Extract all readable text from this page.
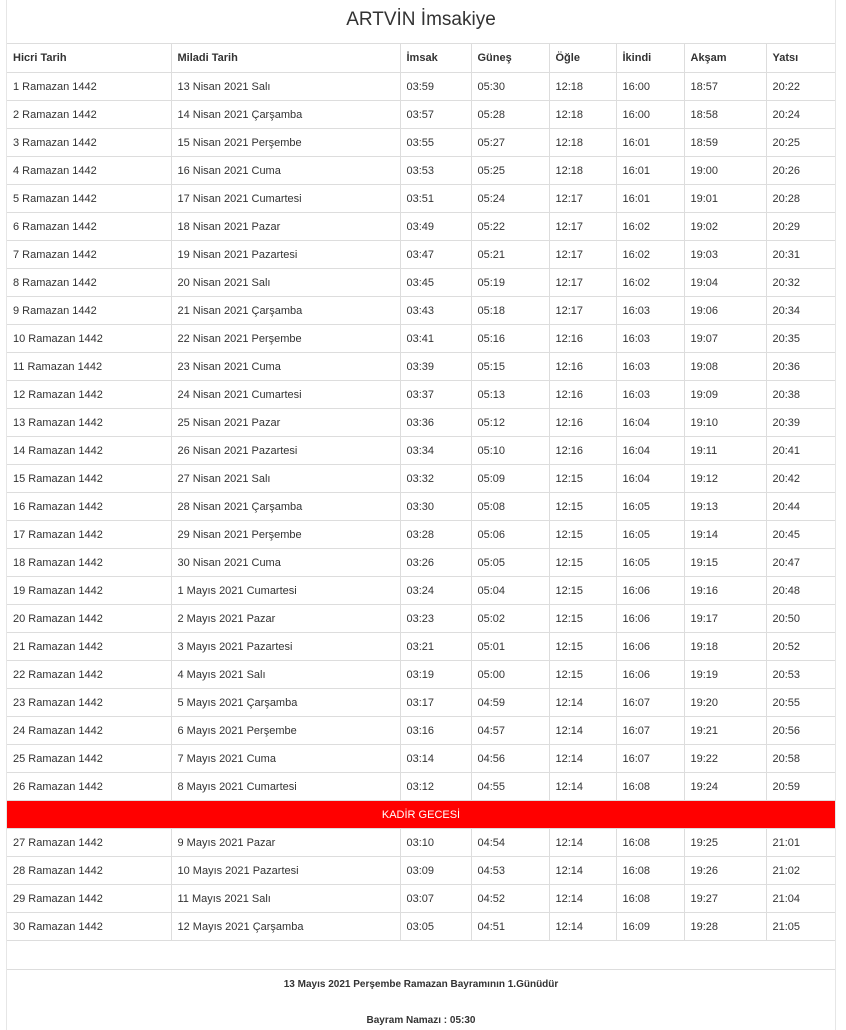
ARTVİN İmsakiye
Hicri Tarih	Miladi Tarih	İmsak	Güneş	Öğle	İkindi	Akşam	Yatsı
1 Ramazan 1442	13 Nisan 2021 Salı	03:59	05:30	12:18	16:00	18:57	20:22
2 Ramazan 1442	14 Nisan 2021 Çarşamba	03:57	05:28	12:18	16:00	18:58	20:24
3 Ramazan 1442	15 Nisan 2021 Perşembe	03:55	05:27	12:18	16:01	18:59	20:25
4 Ramazan 1442	16 Nisan 2021 Cuma	03:53	05:25	12:18	16:01	19:00	20:26
5 Ramazan 1442	17 Nisan 2021 Cumartesi	03:51	05:24	12:17	16:01	19:01	20:28
6 Ramazan 1442	18 Nisan 2021 Pazar	03:49	05:22	12:17	16:02	19:02	20:29
7 Ramazan 1442	19 Nisan 2021 Pazartesi	03:47	05:21	12:17	16:02	19:03	20:31
8 Ramazan 1442	20 Nisan 2021 Salı	03:45	05:19	12:17	16:02	19:04	20:32
9 Ramazan 1442	21 Nisan 2021 Çarşamba	03:43	05:18	12:17	16:03	19:06	20:34
10 Ramazan 1442	22 Nisan 2021 Perşembe	03:41	05:16	12:16	16:03	19:07	20:35
11 Ramazan 1442	23 Nisan 2021 Cuma	03:39	05:15	12:16	16:03	19:08	20:36
12 Ramazan 1442	24 Nisan 2021 Cumartesi	03:37	05:13	12:16	16:03	19:09	20:38
13 Ramazan 1442	25 Nisan 2021 Pazar	03:36	05:12	12:16	16:04	19:10	20:39
14 Ramazan 1442	26 Nisan 2021 Pazartesi	03:34	05:10	12:16	16:04	19:11	20:41
15 Ramazan 1442	27 Nisan 2021 Salı	03:32	05:09	12:15	16:04	19:12	20:42
16 Ramazan 1442	28 Nisan 2021 Çarşamba	03:30	05:08	12:15	16:05	19:13	20:44
17 Ramazan 1442	29 Nisan 2021 Perşembe	03:28	05:06	12:15	16:05	19:14	20:45
18 Ramazan 1442	30 Nisan 2021 Cuma	03:26	05:05	12:15	16:05	19:15	20:47
19 Ramazan 1442	1 Mayıs 2021 Cumartesi	03:24	05:04	12:15	16:06	19:16	20:48
20 Ramazan 1442	2 Mayıs 2021 Pazar	03:23	05:02	12:15	16:06	19:17	20:50
21 Ramazan 1442	3 Mayıs 2021 Pazartesi	03:21	05:01	12:15	16:06	19:18	20:52
22 Ramazan 1442	4 Mayıs 2021 Salı	03:19	05:00	12:15	16:06	19:19	20:53
23 Ramazan 1442	5 Mayıs 2021 Çarşamba	03:17	04:59	12:14	16:07	19:20	20:55
24 Ramazan 1442	6 Mayıs 2021 Perşembe	03:16	04:57	12:14	16:07	19:21	20:56
25 Ramazan 1442	7 Mayıs 2021 Cuma	03:14	04:56	12:14	16:07	19:22	20:58
26 Ramazan 1442	8 Mayıs 2021 Cumartesi	03:12	04:55	12:14	16:08	19:24	20:59
KADİR GECESİ							
27 Ramazan 1442	9 Mayıs 2021 Pazar	03:10	04:54	12:14	16:08	19:25	21:01
28 Ramazan 1442	10 Mayıs 2021 Pazartesi	03:09	04:53	12:14	16:08	19:26	21:02
29 Ramazan 1442	11 Mayıs 2021 Salı	03:07	04:52	12:14	16:08	19:27	21:04
30 Ramazan 1442	12 Mayıs 2021 Çarşamba	03:05	04:51	12:14	16:09	19:28	21:05
13 Mayıs 2021 Perşembe Ramazan Bayramının 1.Günüdür
Bayram Namazı : 05:30
